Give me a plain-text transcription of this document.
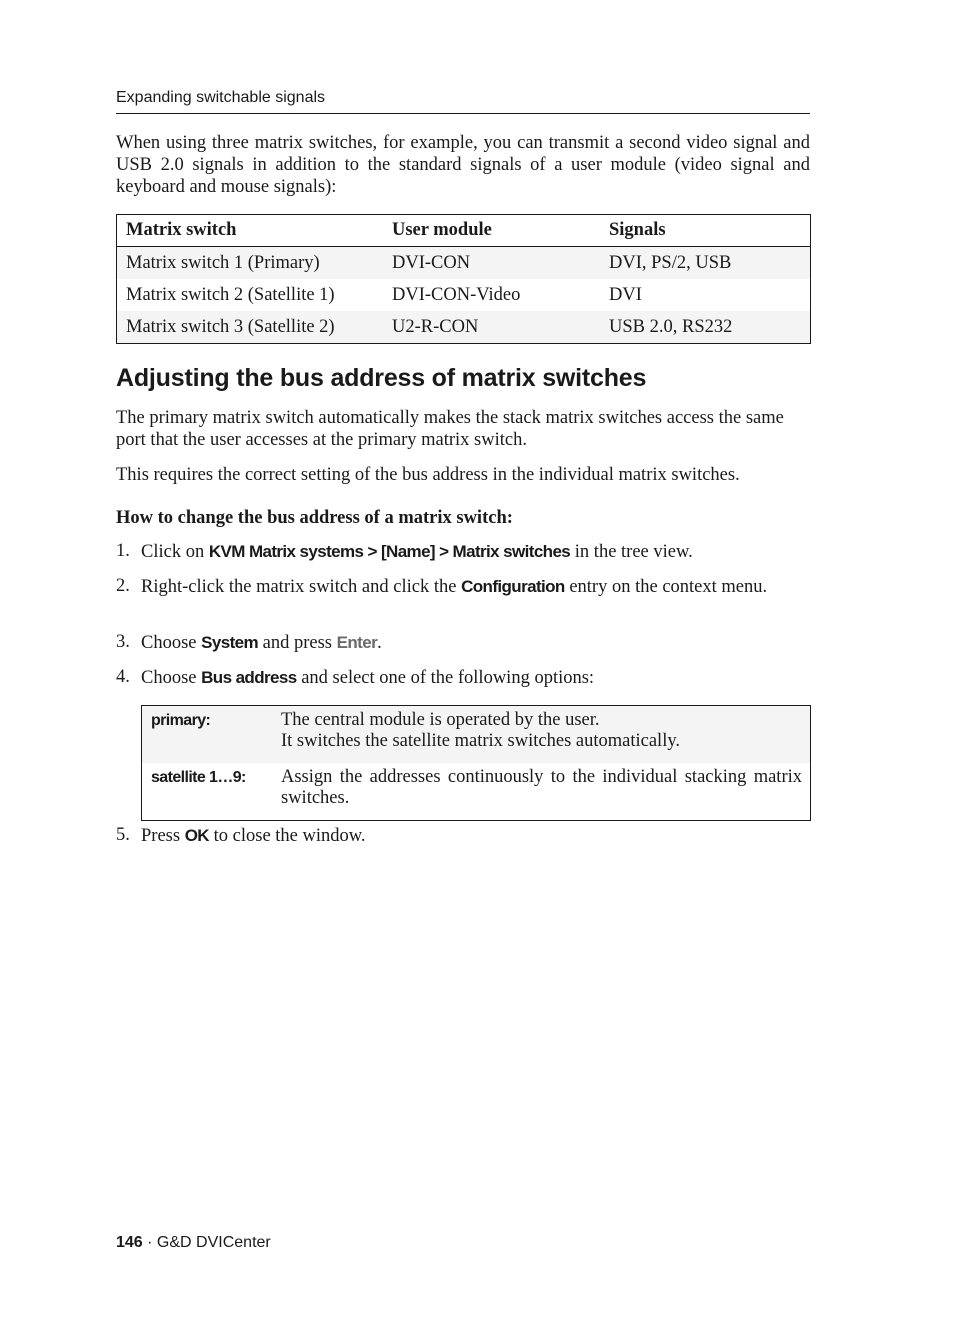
Expanding switchable signals

When using three matrix switches, for example, you can transmit a second video signal and USB 2.0 signals in addition to the standard signals of a user module (video signal and keyboard and mouse signals):

Matrix switch	User module	Signals
Matrix switch 1 (Primary)	DVI-CON	DVI, PS/2, USB
Matrix switch 2 (Satellite 1)	DVI-CON-Video	DVI
Matrix switch 3 (Satellite 2)	U2-R-CON	USB 2.0, RS232
Adjusting the bus address of matrix switches

The primary matrix switch automatically makes the stack matrix switches access the same port that the user accesses at the primary matrix switch.

This requires the correct setting of the bus address in the individual matrix switches.

How to change the bus address of a matrix switch:

1. Click on KVM Matrix systems > [Name] > Matrix switches in the tree view.

2. Right-click the matrix switch and click the Configuration entry on the context menu.

3. Choose System and press Enter.

4. Choose Bus address and select one of the following options:

primary:	The central module is operated by the user.
It switches the satellite matrix switches automatically.

satellite 1…9:	Assign the addresses continuously to the individual stacking matrix switches.
5. Press OK to close the window.

146 · G&D DVICenter
